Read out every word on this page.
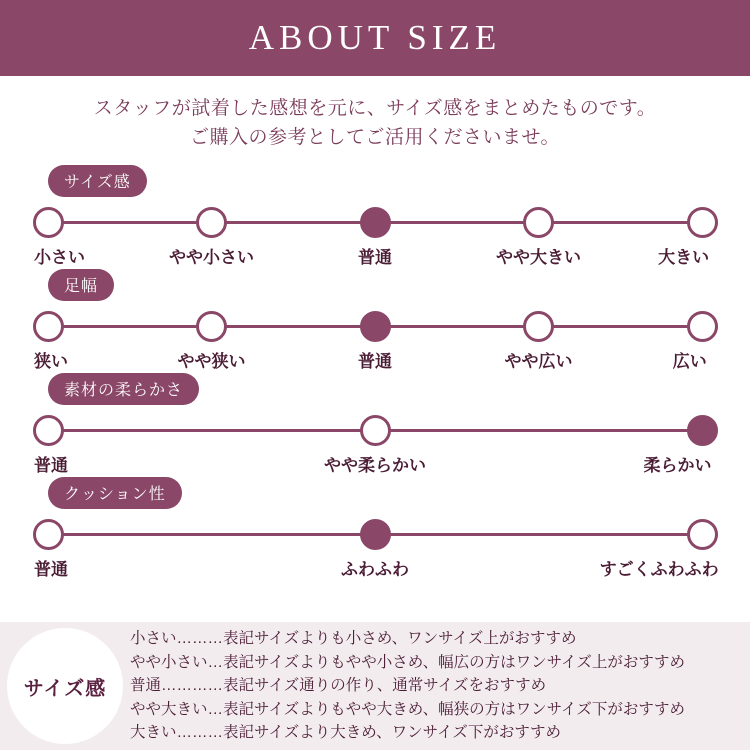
ABOUT SIZE
スタッフが試着した感想を元に、サイズ感をまとめたものです。
ご購入の参考としてご活用くださいませ。
サイズ感
小さい	やや小さい	普通	やや大きい	大きい
足幅
狭い	やや狭い	普通	やや広い	広い
素材の柔らかさ
普通	やや柔らかい	柔らかい
クッション性
普通	ふわふわ	すごくふわふわ
サイズ感
小さい………表記サイズよりも小さめ、ワンサイズ上がおすすめ
やや小さい…表記サイズよりもやや小さめ、幅広の方はワンサイズ上がおすすめ
普通…………表記サイズ通りの作り、通常サイズをおすすめ
やや大きい…表記サイズよりもやや大きめ、幅狭の方はワンサイズ下がおすすめ
大きい………表記サイズより大きめ、ワンサイズ下がおすすめ
